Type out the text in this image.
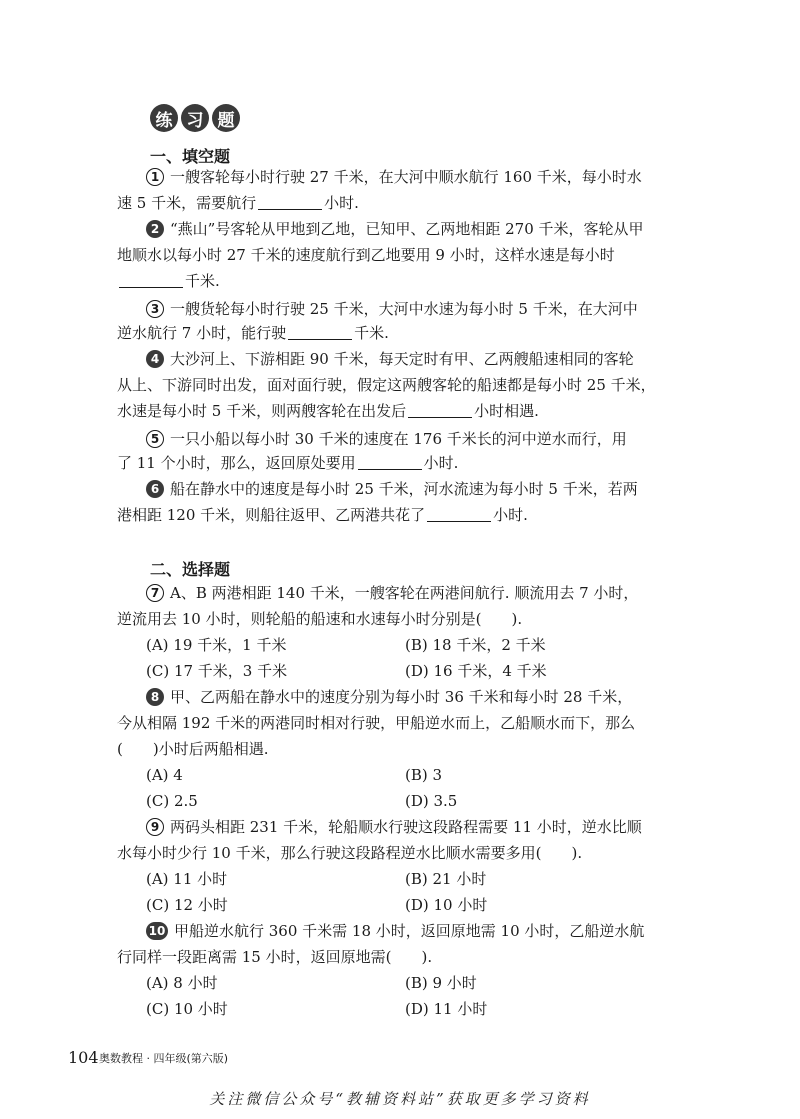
练 习 题
一、填空题
1 一艘客轮每小时行驶 27 千米，在大河中顺水航行 160 千米，每小时水
速 5 千米，需要航行	小时.
2 “燕山”号客轮从甲地到乙地，已知甲、乙两地相距 270 千米，客轮从甲
地顺水以每小时 27 千米的速度航行到乙地要用 9 小时，这样水速是每小时
千米.
3 一艘货轮每小时行驶 25 千米，大河中水速为每小时 5 千米，在大河中
逆水航行 7 小时，能行驶	千米.
4 大沙河上、下游相距 90 千米，每天定时有甲、乙两艘船速相同的客轮
从上、下游同时出发，面对面行驶，假定这两艘客轮的船速都是每小时 25 千米，
水速是每小时 5 千米，则两艘客轮在出发后	小时相遇.
5 一只小船以每小时 30 千米的速度在 176 千米长的河中逆水而行，用
了 11 个小时，那么，返回原处要用	小时.
6 船在静水中的速度是每小时 25 千米，河水流速为每小时 5 千米，若两
港相距 120 千米，则船往返甲、乙两港共花了	小时.
二、选择题
7 A、B 两港相距 140 千米，一艘客轮在两港间航行. 顺流用去 7 小时，
逆流用去 10 小时，则轮船的船速和水速每小时分别是(　　).
(A) 19 千米，1 千米	(B) 18 千米，2 千米
(C) 17 千米，3 千米	(D) 16 千米，4 千米
8 甲、乙两船在静水中的速度分别为每小时 36 千米和每小时 28 千米，
今从相隔 192 千米的两港同时相对行驶，甲船逆水而上，乙船顺水而下，那么
(　　)小时后两船相遇.
(A) 4	(B) 3
(C) 2.5	(D) 3.5
9 两码头相距 231 千米，轮船顺水行驶这段路程需要 11 小时，逆水比顺
水每小时少行 10 千米，那么行驶这段路程逆水比顺水需要多用(　　).
(A) 11 小时	(B) 21 小时
(C) 12 小时	(D) 10 小时
10 甲船逆水航行 360 千米需 18 小时，返回原地需 10 小时，乙船逆水航
行同样一段距离需 15 小时，返回原地需(　　).
(A) 8 小时	(B) 9 小时
(C) 10 小时	(D) 11 小时
104 奥数教程 · 四年级(第六版)
关注微信公众号“教辅资料站”获取更多学习资料
